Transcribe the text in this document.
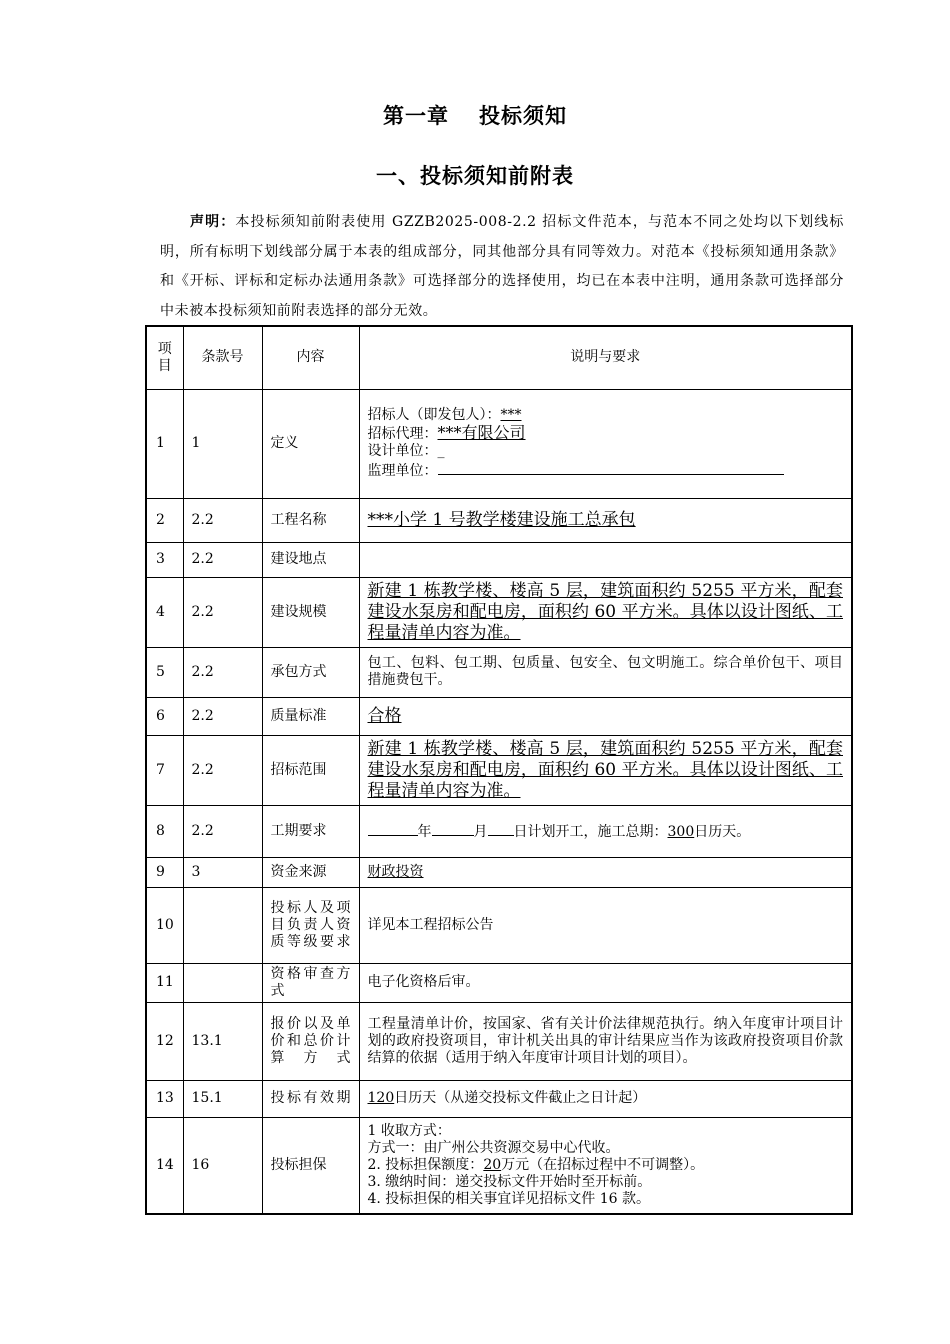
第一章 投标须知
一、投标须知前附表
声明：本投标须知前附表使用 GZZB2025-008-2.2 招标文件范本，与范本不同之处均以下划线标明，所有标明下划线部分属于本表的组成部分，同其他部分具有同等效力。对范本《投标须知通用条款》和《开标、评标和定标办法通用条款》可选择部分的选择使用，均已在本表中注明，通用条款可选择部分中未被本投标须知前附表选择的部分无效。
项目	条款号	内容	说明与要求
1	1	定义	招标人（即发包人）：***
招标代理：***有限公司
设计单位：_
监理单位：

2	2.2	工程名称	***小学 1 号教学楼建设施工总承包
3	2.2	建设地点	
4	2.2	建设规模	新建 1 栋教学楼、楼高 5 层，建筑面积约 5255 平方米，配套建设水泵房和配电房，面积约 60 平方米。具体以设计图纸、工程量清单内容为准。
5	2.2	承包方式	包工、包料、包工期、包质量、包安全、包文明施工。综合单价包干、项目措施费包干。
6	2.2	质量标准	合格
7	2.2	招标范围	新建 1 栋教学楼、楼高 5 层，建筑面积约 5255 平方米，配套建设水泵房和配电房，面积约 60 平方米。具体以设计图纸、工程量清单内容为准。
8	2.2	工期要求	年 月 日计划开工，施工总期：300日历天。
9	3	资金来源	财政投资
10		投标人及项目负责人资质等级要求	详见本工程招标公告
11		资格审查方式	电子化资格后审。
12	13.1	报价以及单价和总价计算方式	工程量清单计价，按国家、省有关计价法律规范执行。纳入年度审计项目计划的政府投资项目，审计机关出具的审计结果应当作为该政府投资项目价款结算的依据（适用于纳入年度审计项目计划的项目）。
13	15.1	投标有效期	120日历天（从递交投标文件截止之日计起）
14	16	投标担保	1 收取方式：
方式一：由广州公共资源交易中心代收。
2. 投标担保额度：20万元（在招标过程中不可调整）。
3. 缴纳时间：递交投标文件开始时至开标前。
4. 投标担保的相关事宜详见招标文件 16 款。
